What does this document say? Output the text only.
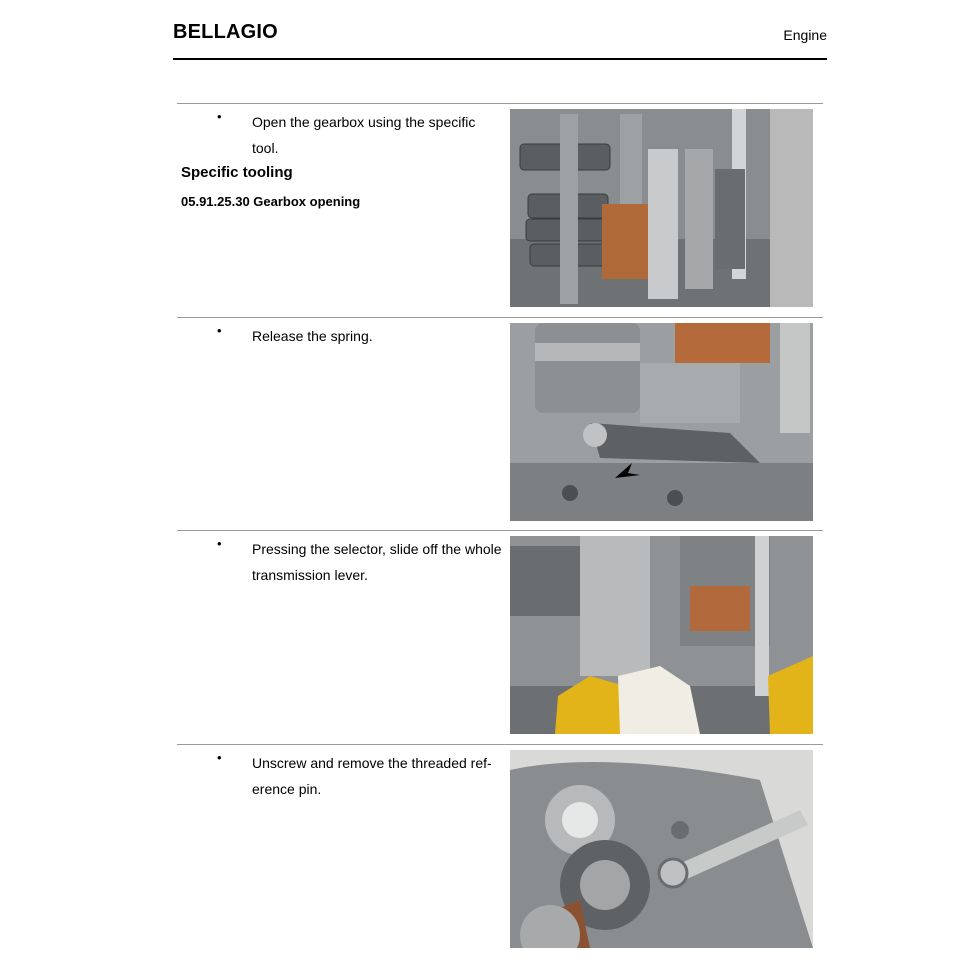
BELLAGIO	Engine
• Open the gearbox using the specific tool.

Specific tooling
05.91.25.30 Gearbox opening
• Release the spring.

• Pressing the selector, slide off the whole transmission lever.

• Unscrew and remove the threaded ref-erence pin.
